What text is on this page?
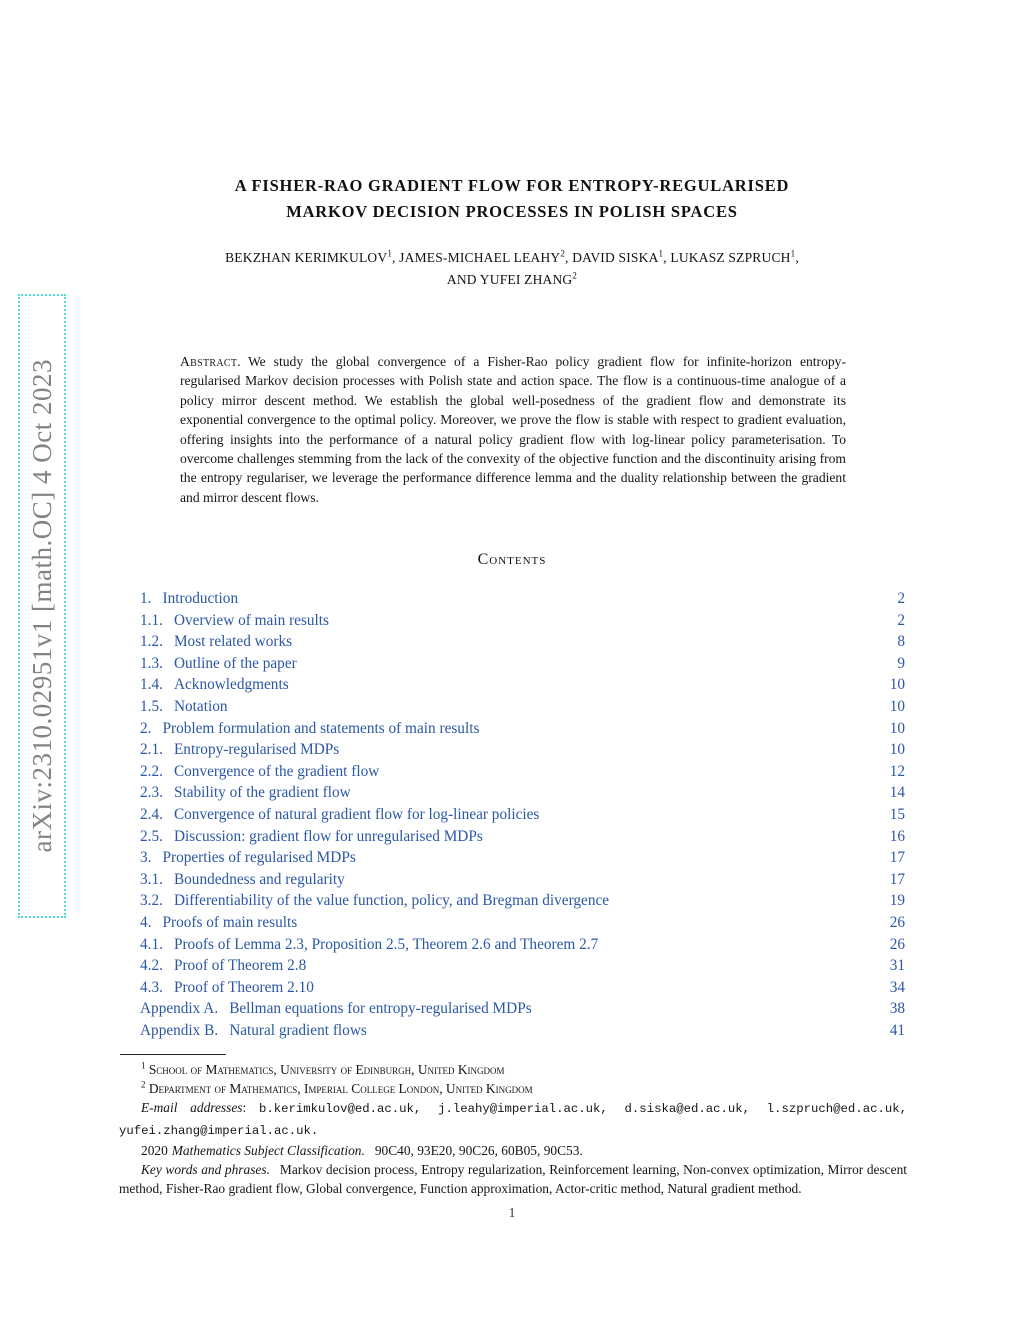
arXiv:2310.02951v1 [math.OC] 4 Oct 2023
A FISHER-RAO GRADIENT FLOW FOR ENTROPY-REGULARISED
MARKOV DECISION PROCESSES IN POLISH SPACES
BEKZHAN KERIMKULOV$^1$, JAMES-MICHAEL LEAHY$^2$, DAVID SISKA$^1$, LUKASZ SZPRUCH$^1$,
AND YUFEI ZHANG$^2$
Abstract. We study the global convergence of a Fisher-Rao policy gradient flow for infinite-horizon entropy-regularised Markov decision processes with Polish state and action space. The flow is a continuous-time analogue of a policy mirror descent method. We establish the global well-posedness of the gradient flow and demonstrate its exponential convergence to the optimal policy. Moreover, we prove the flow is stable with respect to gradient evaluation, offering insights into the performance of a natural policy gradient flow with log-linear policy parameterisation. To overcome challenges stemming from the lack of the convexity of the objective function and the discontinuity arising from the entropy regulariser, we leverage the performance difference lemma and the duality relationship between the gradient and mirror descent flows.
Contents
1. Introduction	2
1.1. Overview of main results	2
1.2. Most related works	8
1.3. Outline of the paper	9
1.4. Acknowledgments	10
1.5. Notation	10
2. Problem formulation and statements of main results	10
2.1. Entropy-regularised MDPs	10
2.2. Convergence of the gradient flow	12
2.3. Stability of the gradient flow	14
2.4. Convergence of natural gradient flow for log-linear policies	15
2.5. Discussion: gradient flow for unregularised MDPs	16
3. Properties of regularised MDPs	17
3.1. Boundedness and regularity	17
3.2. Differentiability of the value function, policy, and Bregman divergence	19
4. Proofs of main results	26
4.1. Proofs of Lemma 2.3, Proposition 2.5, Theorem 2.6 and Theorem 2.7	26
4.2. Proof of Theorem 2.8	31
4.3. Proof of Theorem 2.10	34
Appendix A. Bellman equations for entropy-regularised MDPs	38
Appendix B. Natural gradient flows	41

$^1$ School of Mathematics, University of Edinburgh, United Kingdom

$^2$ Department of Mathematics, Imperial College London, United Kingdom

E-mail addresses: b.kerimkulov@ed.ac.uk, j.leahy@imperial.ac.uk, d.siska@ed.ac.uk, l.szpruch@ed.ac.uk, yufei.zhang@imperial.ac.uk.

2020 Mathematics Subject Classification. 90C40, 93E20, 90C26, 60B05, 90C53.

Key words and phrases. Markov decision process, Entropy regularization, Reinforcement learning, Non-convex optimization, Mirror descent method, Fisher-Rao gradient flow, Global convergence, Function approximation, Actor-critic method, Natural gradient method.

1
